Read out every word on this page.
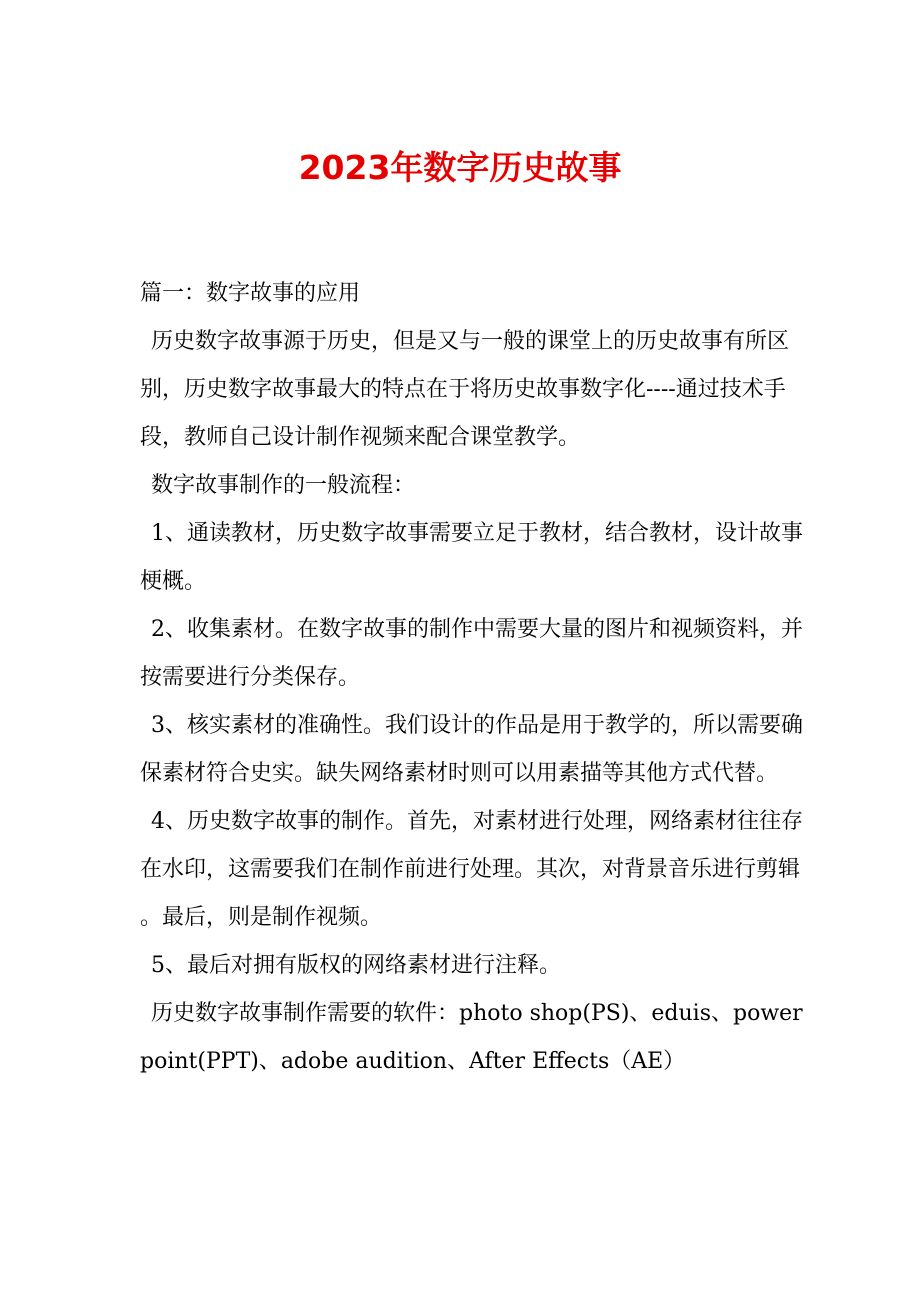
2023年数字历史故事

篇一：数字故事的应用

历史数字故事源于历史，但是又与一般的课堂上的历史故事有所区别，历史数字故事最大的特点在于将历史故事数字化----通过技术手段，教师自己设计制作视频来配合课堂教学。

数字故事制作的一般流程：

1、通读教材，历史数字故事需要立足于教材，结合教材，设计故事梗概。

2、收集素材。在数字故事的制作中需要大量的图片和视频资料，并按需要进行分类保存。

3、核实素材的准确性。我们设计的作品是用于教学的，所以需要确保素材符合史实。缺失网络素材时则可以用素描等其他方式代替。

4、历史数字故事的制作。首先，对素材进行处理，网络素材往往存在水印，这需要我们在制作前进行处理。其次，对背景音乐进行剪辑。最后，则是制作视频。

5、最后对拥有版权的网络素材进行注释。

历史数字故事制作需要的软件：photo shop(PS)、eduis、power point(PPT)、adobe audition、After Effects（AE）
